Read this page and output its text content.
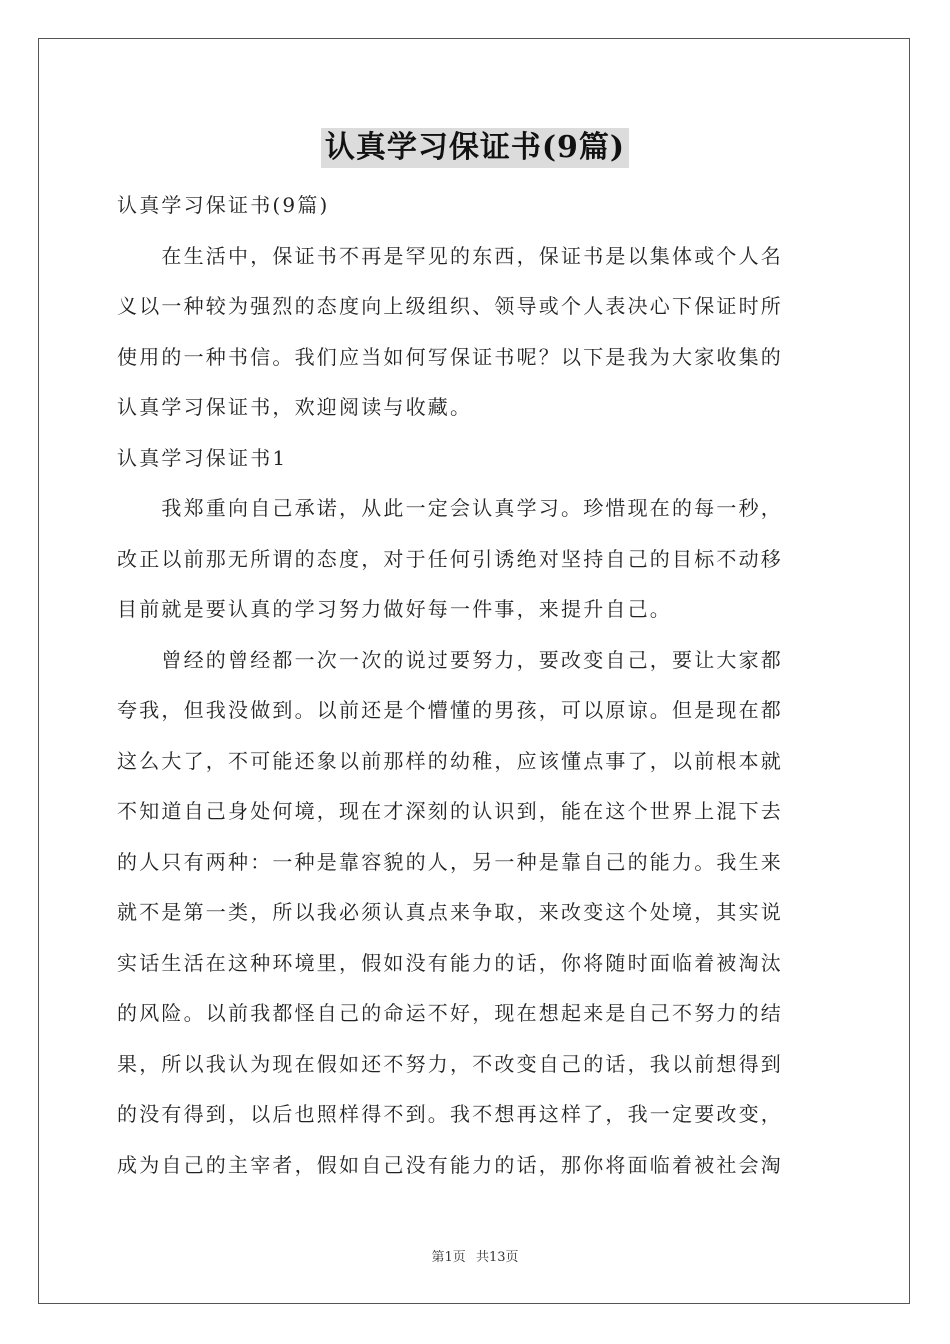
认真学习保证书(9篇)
认真学习保证书(9篇)
　　在生活中，保证书不再是罕见的东西，保证书是以集体或个人名
义以一种较为强烈的态度向上级组织、领导或个人表决心下保证时所
使用的一种书信。我们应当如何写保证书呢？以下是我为大家收集的
认真学习保证书，欢迎阅读与收藏。
认真学习保证书1
　　我郑重向自己承诺，从此一定会认真学习。珍惜现在的每一秒，
改正以前那无所谓的态度，对于任何引诱绝对坚持自己的目标不动移
目前就是要认真的学习努力做好每一件事，来提升自己。
　　曾经的曾经都一次一次的说过要努力，要改变自己，要让大家都
夸我，但我没做到。以前还是个懵懂的男孩，可以原谅。但是现在都
这么大了，不可能还象以前那样的幼稚，应该懂点事了，以前根本就
不知道自己身处何境，现在才深刻的认识到，能在这个世界上混下去
的人只有两种：一种是靠容貌的人，另一种是靠自己的能力。我生来
就不是第一类，所以我必须认真点来争取，来改变这个处境，其实说
实话生活在这种环境里，假如没有能力的话，你将随时面临着被淘汰
的风险。以前我都怪自己的命运不好，现在想起来是自己不努力的结
果，所以我认为现在假如还不努力，不改变自己的话，我以前想得到
的没有得到，以后也照样得不到。我不想再这样了，我一定要改变，
成为自己的主宰者，假如自己没有能力的话，那你将面临着被社会淘
第1页 共13页
